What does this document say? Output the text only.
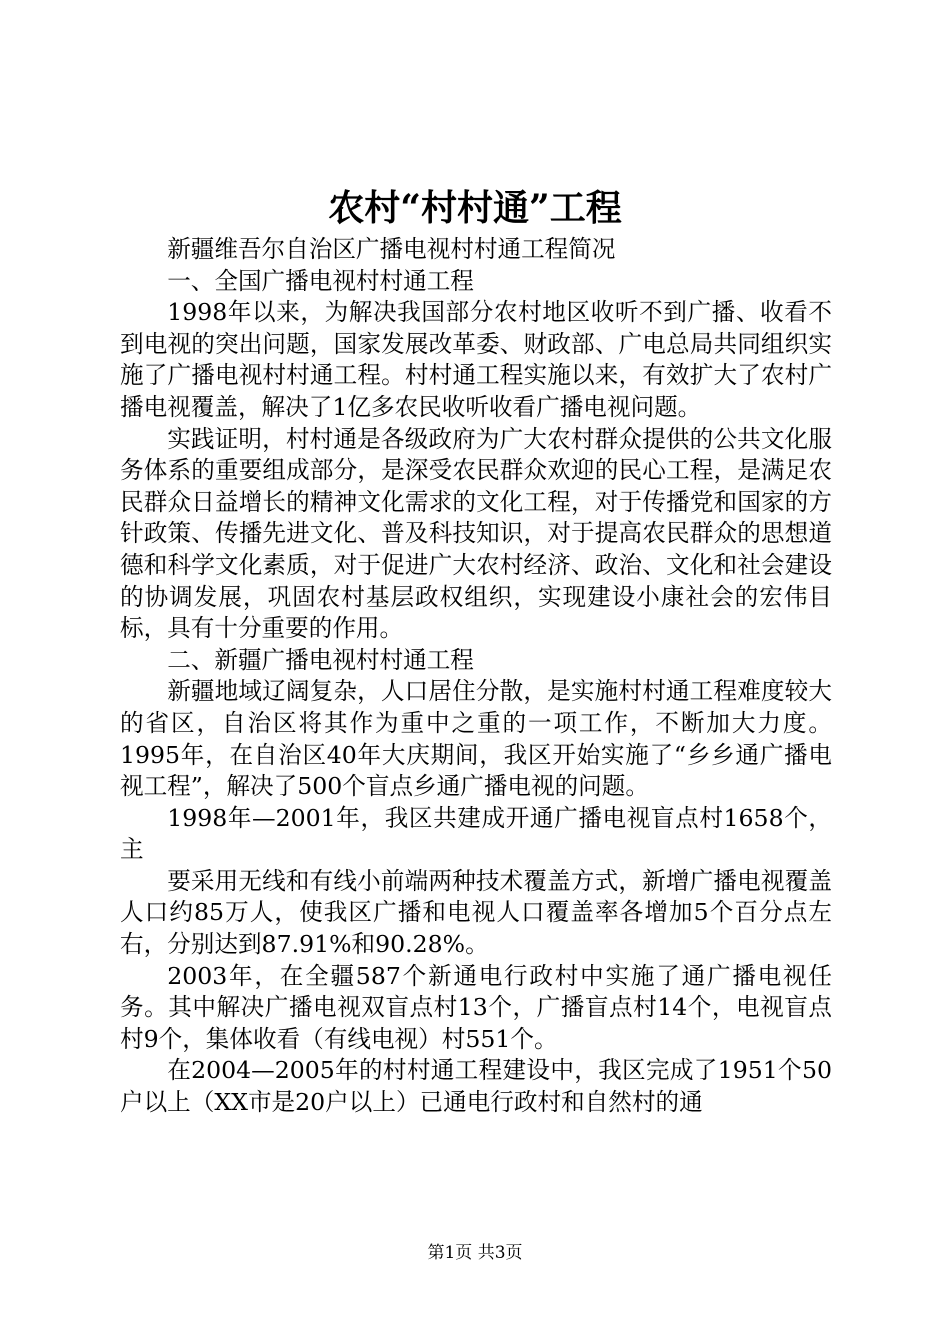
农村“村村通”工程

新疆维吾尔自治区广播电视村村通工程简况

一、全国广播电视村村通工程

1998年以来，为解决我国部分农村地区收听不到广播、收看不到电视的突出问题，国家发展改革委、财政部、广电总局共同组织实施了广播电视村村通工程。村村通工程实施以来，有效扩大了农村广播电视覆盖，解决了1亿多农民收听收看广播电视问题。

实践证明，村村通是各级政府为广大农村群众提供的公共文化服务体系的重要组成部分，是深受农民群众欢迎的民心工程，是满足农民群众日益增长的精神文化需求的文化工程，对于传播党和国家的方针政策、传播先进文化、普及科技知识，对于提高农民群众的思想道德和科学文化素质，对于促进广大农村经济、政治、文化和社会建设的协调发展，巩固农村基层政权组织，实现建设小康社会的宏伟目标，具有十分重要的作用。

二、新疆广播电视村村通工程

新疆地域辽阔复杂，人口居住分散，是实施村村通工程难度较大的省区，自治区将其作为重中之重的一项工作，不断加大力度。1995年，在自治区40年大庆期间，我区开始实施了“乡乡通广播电视工程”，解决了500个盲点乡通广播电视的问题。

1998年—2001年，我区共建成开通广播电视盲点村1658个，主

要采用无线和有线小前端两种技术覆盖方式，新增广播电视覆盖人口约85万人，使我区广播和电视人口覆盖率各增加5个百分点左右，分别达到87.91%和90.28%。

2003年，在全疆587个新通电行政村中实施了通广播电视任务。其中解决广播电视双盲点村13个，广播盲点村14个，电视盲点村9个，集体收看（有线电视）村551个。

在2004—2005年的村村通工程建设中，我区完成了1951个50户以上（XX市是20户以上）已通电行政村和自然村的通

第1页 共3页
